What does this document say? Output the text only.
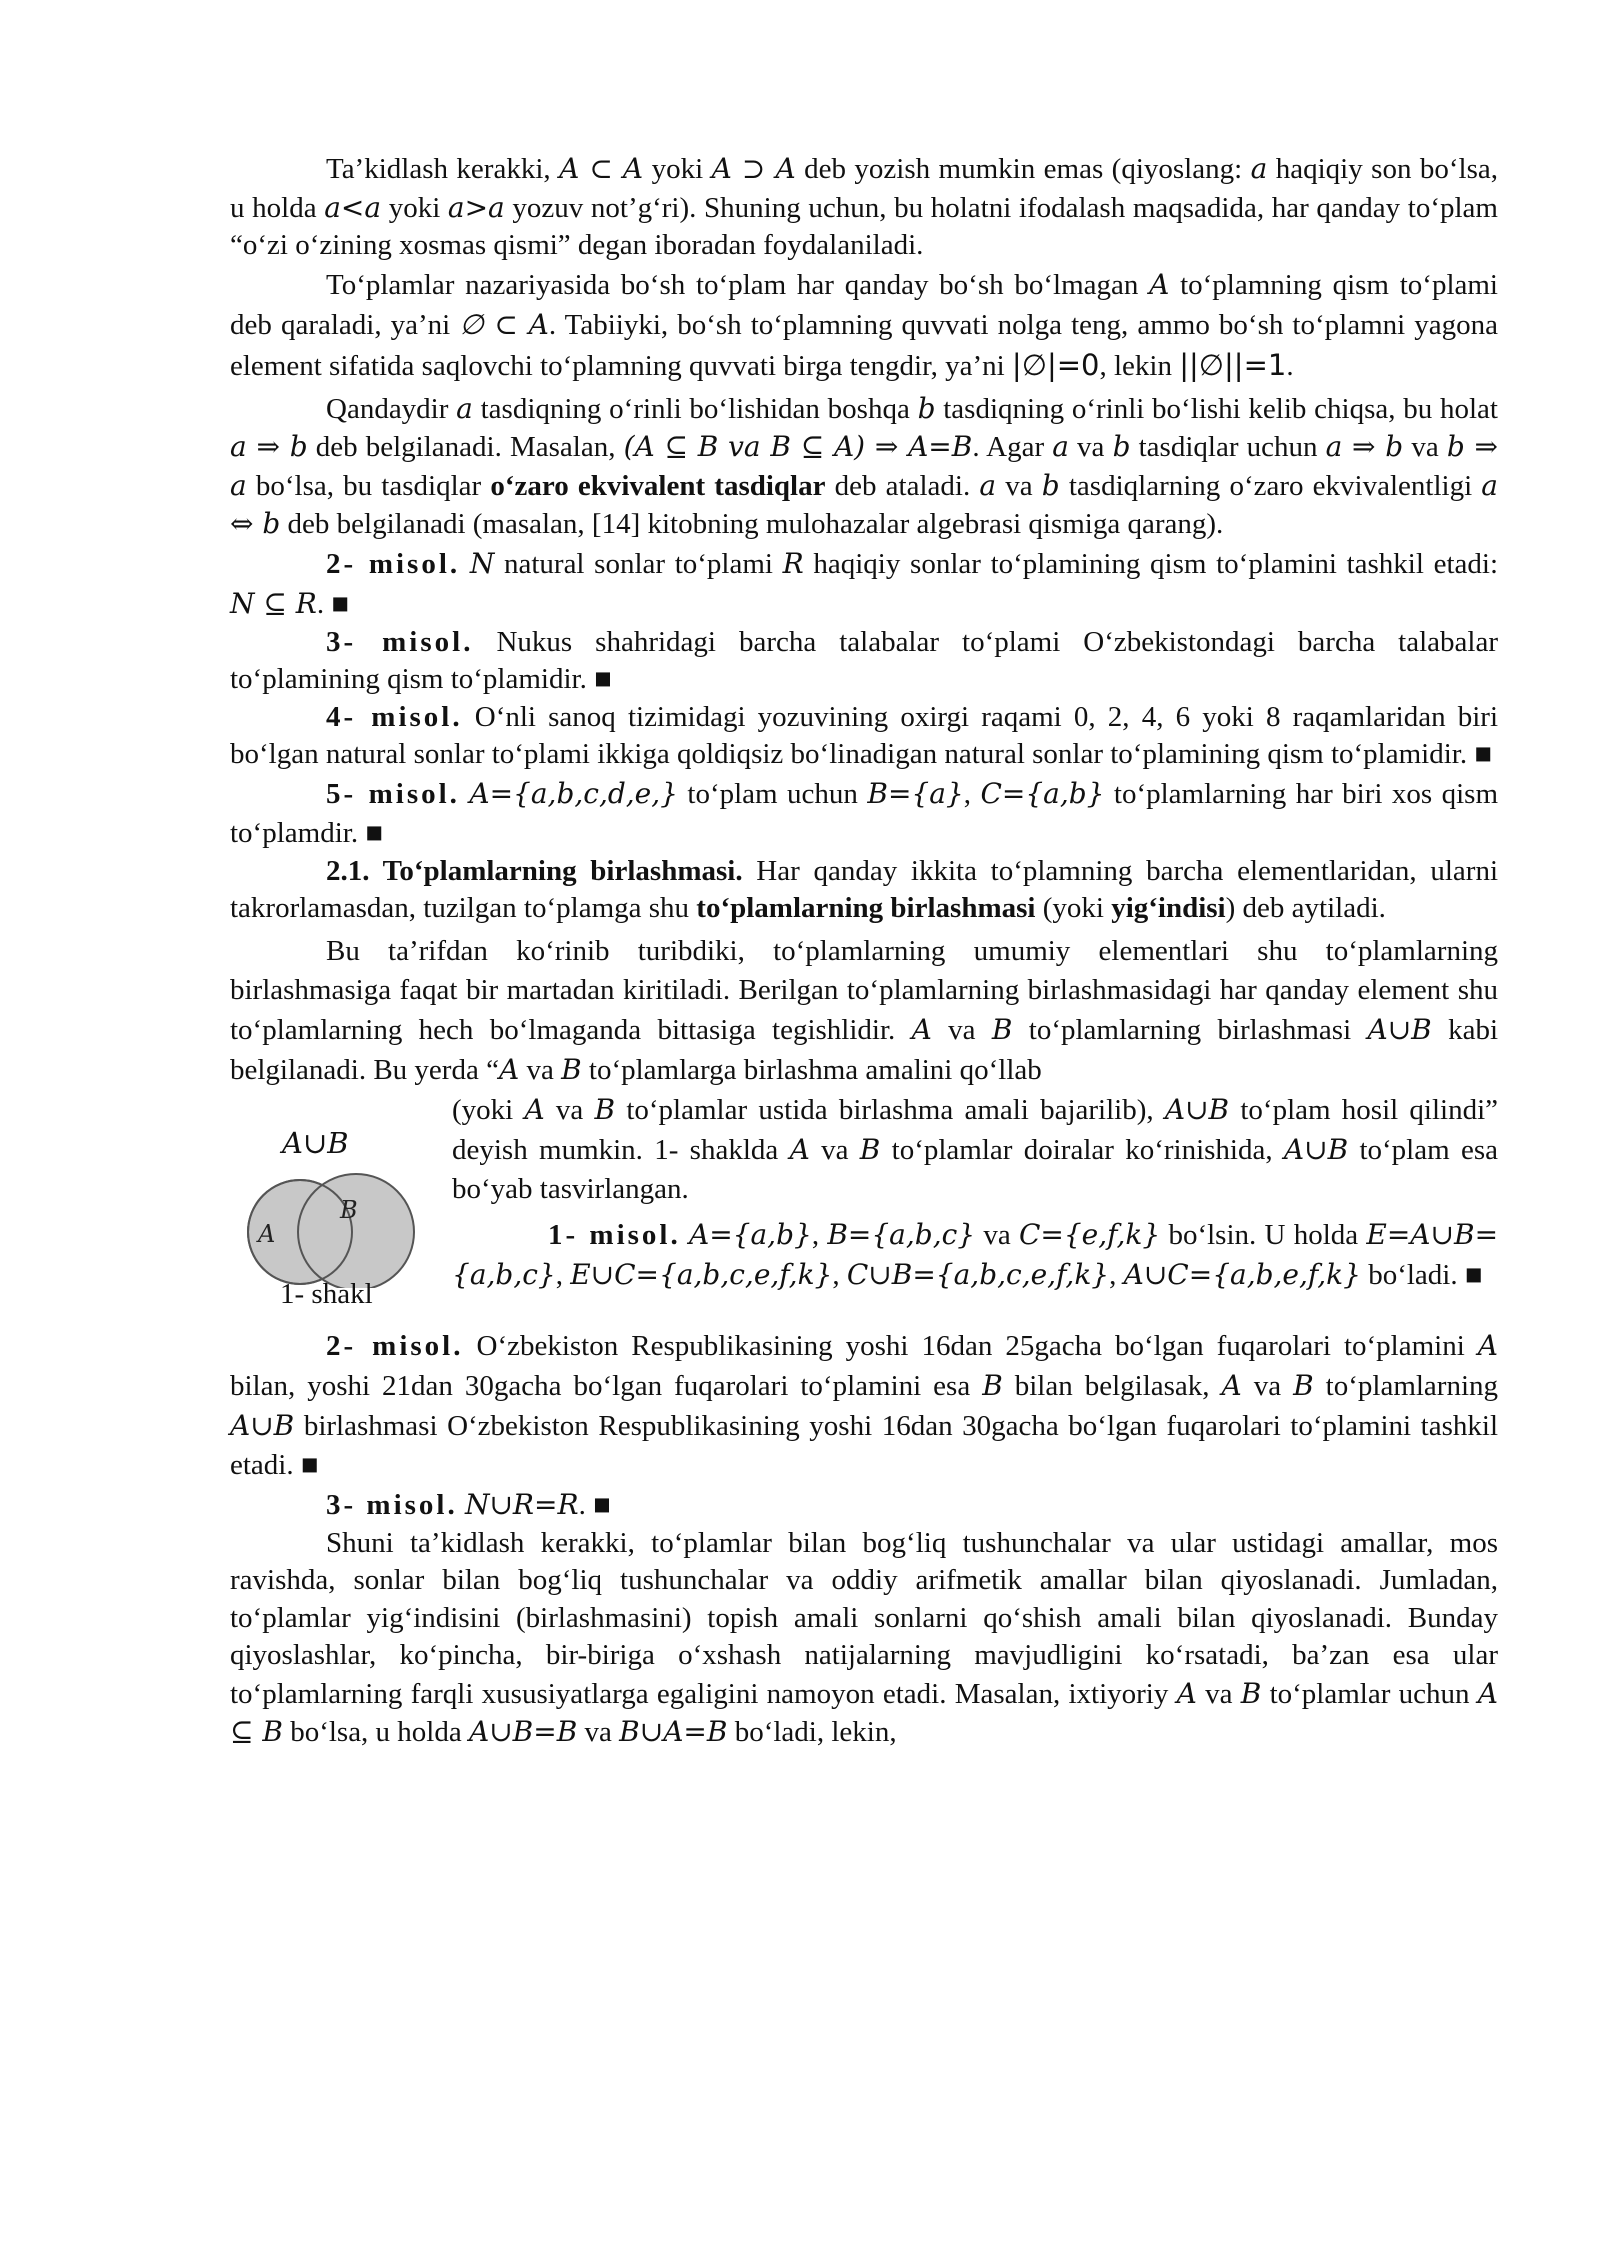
Ta’kidlash kerakki, A ⊂ A yoki A ⊃ A deb yozish mumkin emas (qiyoslang: a haqiqiy son bo‘lsa, u holda a<a yoki a>a yozuv not’g‘ri). Shuning uchun, bu holatni ifodalash maqsadida, har qanday to‘plam “o‘zi o‘zining xosmas qismi” degan iboradan foydalaniladi.

To‘plamlar nazariyasida bo‘sh to‘plam har qanday bo‘sh bo‘lmagan A to‘plamning qism to‘plami deb qaraladi, ya’ni ∅ ⊂ A. Tabiiyki, bo‘sh to‘plamning quvvati nolga teng, ammo bo‘sh to‘plamni yagona element sifatida saqlovchi to‘plamning quvvati birga tengdir, ya’ni |∅|=0, lekin ||∅||=1.

Qandaydir a tasdiqning o‘rinli bo‘lishidan boshqa b tasdiqning o‘rinli bo‘lishi kelib chiqsa, bu holat a ⇒ b deb belgilanadi. Masalan, (A ⊆ B va B ⊆ A) ⇒ A=B. Agar a va b tasdiqlar uchun a ⇒ b va b ⇒ a bo‘lsa, bu tasdiqlar o‘zaro ekvivalent tasdiqlar deb ataladi. a va b tasdiqlarning o‘zaro ekvivalentligi a ⇔ b deb belgilanadi (masalan, [14] kitobning mulohazalar algebrasi qismiga qarang).

2- misol. N natural sonlar to‘plami R haqiqiy sonlar to‘plamining qism to‘plamini tashkil etadi: N ⊆ R. ■

3- misol. Nukus shahridagi barcha talabalar to‘plami O‘zbekistondagi barcha talabalar to‘plamining qism to‘plamidir. ■

4- misol. O‘nli sanoq tizimidagi yozuvining oxirgi raqami 0, 2, 4, 6 yoki 8 raqamlaridan biri bo‘lgan natural sonlar to‘plami ikkiga qoldiqsiz bo‘linadigan natural sonlar to‘plamining qism to‘plamidir. ■

5- misol. A={a,b,c,d,e,} to‘plam uchun B={a}, C={a,b} to‘plamlarning har biri xos qism to‘plamdir. ■

2.1. To‘plamlarning birlashmasi. Har qanday ikkita to‘plamning barcha elementlaridan, ularni takrorlamasdan, tuzilgan to‘plamga shu to‘plamlarning birlashmasi (yoki yig‘indisi) deb aytiladi.

Bu ta’rifdan ko‘rinib turibdiki, to‘plamlarning umumiy elementlari shu to‘plamlarning birlashmasiga faqat bir martadan kiritiladi. Berilgan to‘plamlarning birlashmasidagi har qanday element shu to‘plamlarning hech bo‘lmaganda bittasiga tegishlidir. A va B to‘plamlarning birlashmasi A∪B kabi belgilanadi. Bu yerda “A va B to‘plamlarga birlashma amalini qo‘llab

A∪B
A
B
1- shakl

(yoki A va B to‘plamlar ustida birlashma amali bajarilib), A∪B to‘plam hosil qilindi” deyish mumkin. 1- shaklda A va B to‘plamlar doiralar ko‘rinishida, A∪B to‘plam esa bo‘yab tasvirlangan.

1- misol. A={a,b}, B={a,b,c} va C={e,f,k} bo‘lsin. U holda E=A∪B={a,b,c}, E∪C={a,b,c,e,f,k}, C∪B={a,b,c,e,f,k}, A∪C={a,b,e,f,k} bo‘ladi. ■

2- misol. O‘zbekiston Respublikasining yoshi 16dan 25gacha bo‘lgan fuqarolari to‘plamini A bilan, yoshi 21dan 30gacha bo‘lgan fuqarolari to‘plamini esa B bilan belgilasak, A va B to‘plamlarning A∪B birlashmasi O‘zbekiston Respublikasining yoshi 16dan 30gacha bo‘lgan fuqarolari to‘plamini tashkil etadi. ■

3- misol. N∪R=R. ■

Shuni ta’kidlash kerakki, to‘plamlar bilan bog‘liq tushunchalar va ular ustidagi amallar, mos ravishda, sonlar bilan bog‘liq tushunchalar va oddiy arifmetik amallar bilan qiyoslanadi. Jumladan, to‘plamlar yig‘indisini (birlashmasini) topish amali sonlarni qo‘shish amali bilan qiyoslanadi. Bunday qiyoslashlar, ko‘pincha, bir-biriga o‘xshash natijalarning mavjudligini ko‘rsatadi, ba’zan esa ular to‘plamlarning farqli xususiyatlarga egaligini namoyon etadi. Masalan, ixtiyoriy A va B to‘plamlar uchun A ⊆ B bo‘lsa, u holda A∪B=B va B∪A=B bo‘ladi, lekin,
